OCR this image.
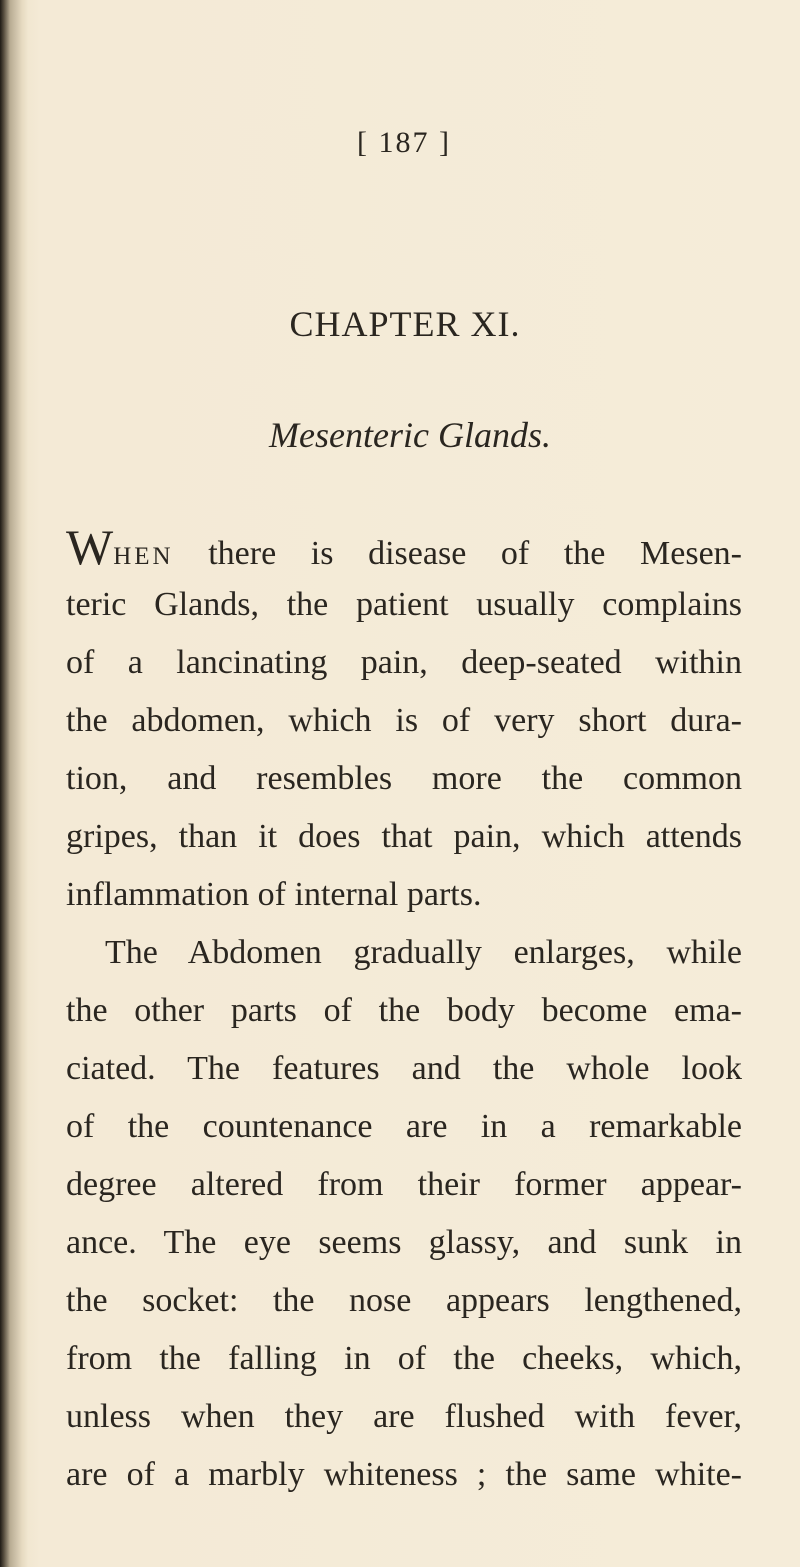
[ 187 ]
CHAPTER XI.
Mesenteric Glands.
WHEN there is disease of the Mesen-
teric Glands, the patient usually complains
of a lancinating pain, deep-seated within
the abdomen, which is of very short dura-
tion, and resembles more the common
gripes, than it does that pain, which attends
inflammation of internal parts.
The Abdomen gradually enlarges, while
the other parts of the body become ema-
ciated. The features and the whole look
of the countenance are in a remarkable
degree altered from their former appear-
ance. The eye seems glassy, and sunk in
the socket: the nose appears lengthened,
from the falling in of the cheeks, which,
unless when they are flushed with fever,
are of a marbly whiteness ; the same white-
